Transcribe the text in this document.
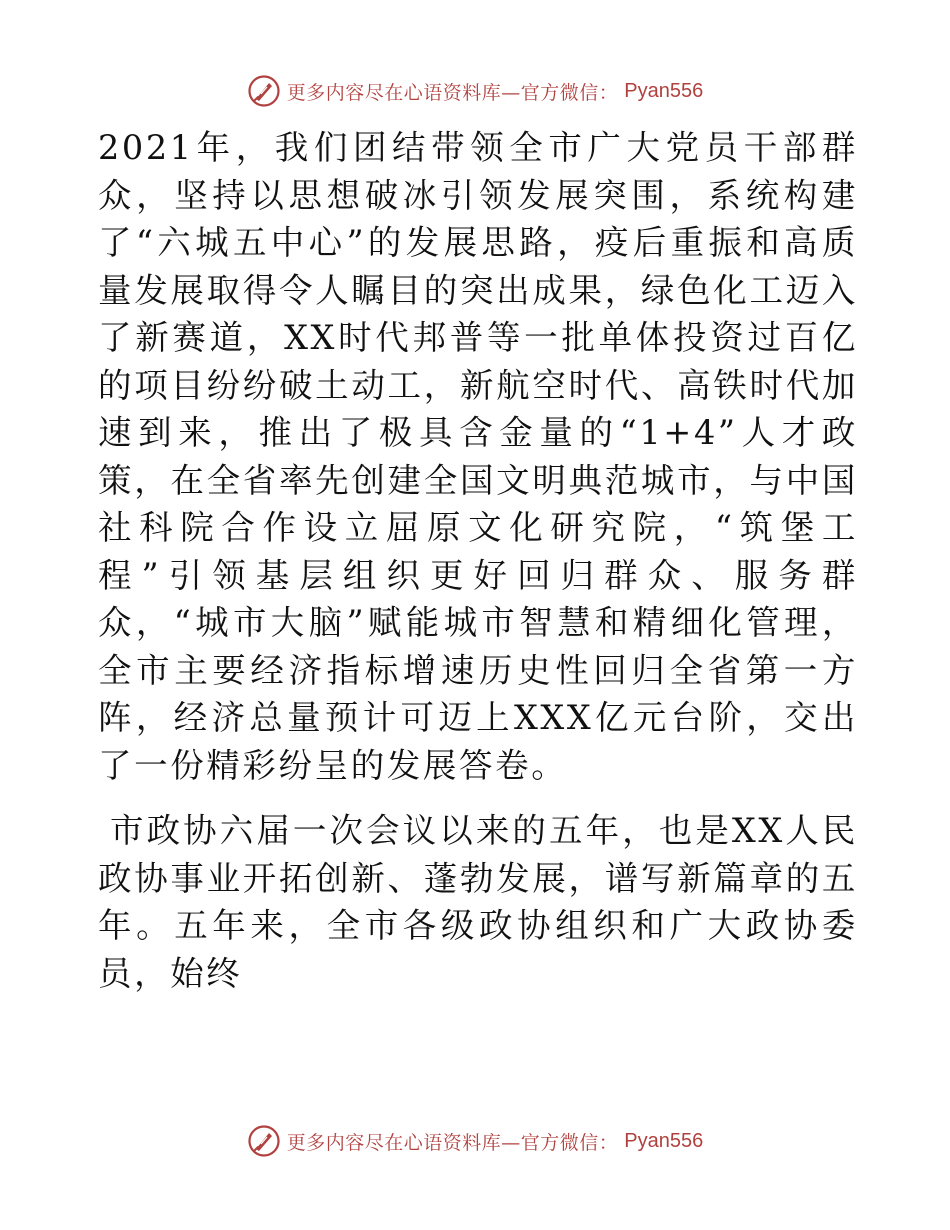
更多内容尽在心语资料库—官方微信： Pyan556

2021年，我们团结带领全市广大党员干部群众，坚持以思想破冰引领发展突围，系统构建了“六城五中心”的发展思路，疫后重振和高质量发展取得令人瞩目的突出成果，绿色化工迈入了新赛道，XX时代邦普等一批单体投资过百亿的项目纷纷破土动工，新航空时代、高铁时代加速到来，推出了极具含金量的“1+4”人才政策，在全省率先创建全国文明典范城市，与中国社科院合作设立屈原文化研究院，“筑堡工程”引领基层组织更好回归群众、服务群众，“城市大脑”赋能城市智慧和精细化管理，全市主要经济指标增速历史性回归全省第一方阵，经济总量预计可迈上XXX亿元台阶，交出了一份精彩纷呈的发展答卷。

市政协六届一次会议以来的五年，也是XX人民政协事业开拓创新、蓬勃发展，谱写新篇章的五年。五年来，全市各级政协组织和广大政协委员，始终

更多内容尽在心语资料库—官方微信： Pyan556
